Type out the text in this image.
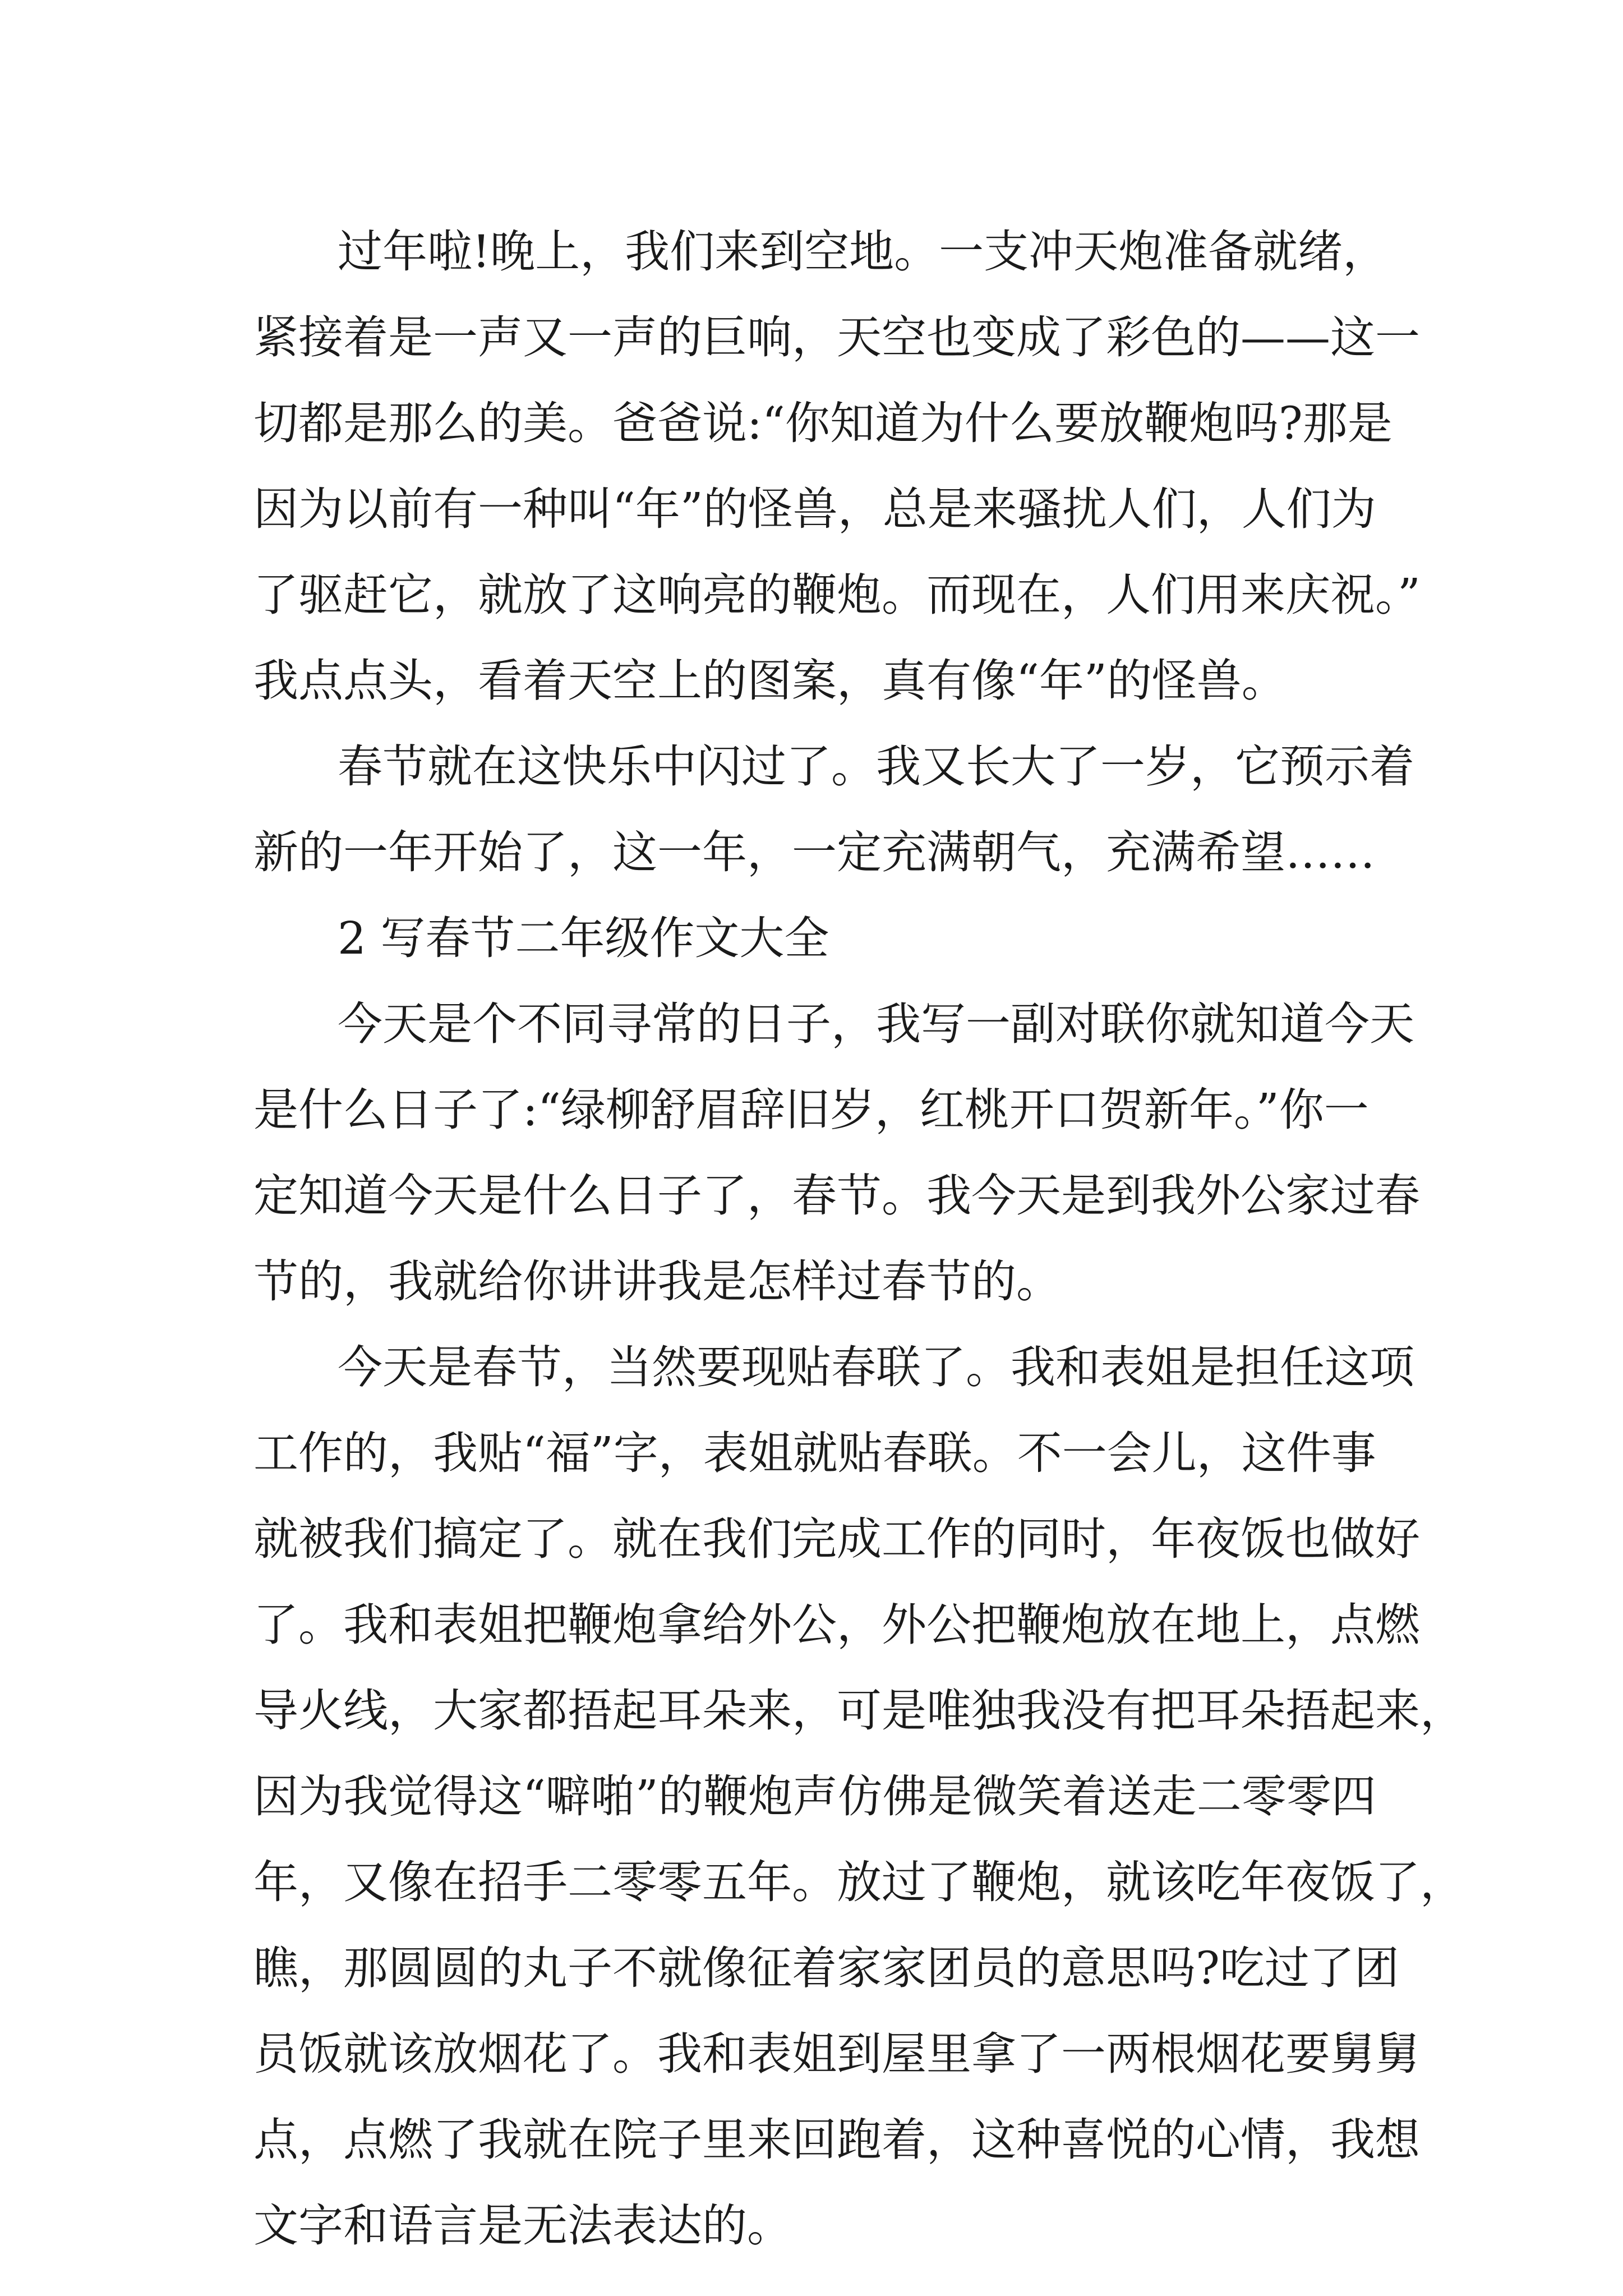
过年啦!晚上，我们来到空地。一支冲天炮准备就绪，
紧接着是一声又一声的巨响，天空也变成了彩色的——这一
切都是那么的美。爸爸说:“你知道为什么要放鞭炮吗?那是
因为以前有一种叫“年”的怪兽，总是来骚扰人们，人们为
了驱赶它，就放了这响亮的鞭炮。而现在，人们用来庆祝。”
我点点头，看着天空上的图案，真有像“年”的怪兽。
春节就在这快乐中闪过了。我又长大了一岁，它预示着
新的一年开始了，这一年，一定充满朝气，充满希望……
2 写春节二年级作文大全
今天是个不同寻常的日子，我写一副对联你就知道今天
是什么日子了:“绿柳舒眉辞旧岁，红桃开口贺新年。”你一
定知道今天是什么日子了，春节。我今天是到我外公家过春
节的，我就给你讲讲我是怎样过春节的。
今天是春节，当然要现贴春联了。我和表姐是担任这项
工作的，我贴“福”字，表姐就贴春联。不一会儿，这件事
就被我们搞定了。就在我们完成工作的同时，年夜饭也做好
了。我和表姐把鞭炮拿给外公，外公把鞭炮放在地上，点燃
导火线，大家都捂起耳朵来，可是唯独我没有把耳朵捂起来，
因为我觉得这“噼啪”的鞭炮声仿佛是微笑着送走二零零四
年，又像在招手二零零五年。放过了鞭炮，就该吃年夜饭了，
瞧，那圆圆的丸子不就像征着家家团员的意思吗?吃过了团
员饭就该放烟花了。我和表姐到屋里拿了一两根烟花要舅舅
点，点燃了我就在院子里来回跑着，这种喜悦的心情，我想
文字和语言是无法表达的。
